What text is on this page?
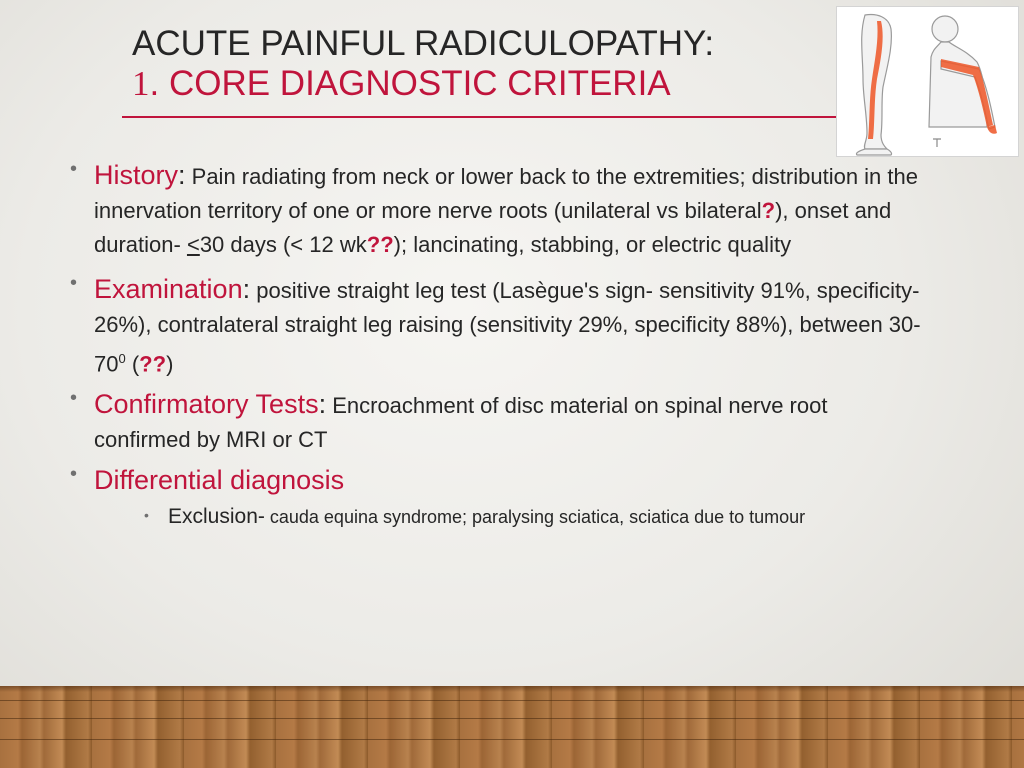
ACUTE PAINFUL RADICULOPATHY:
1. CORE DIAGNOSTIC CRITERIA
• History: Pain radiating from neck or lower back to the extremities; distribution in the innervation territory of one or more nerve roots (unilateral vs bilateral?), onset and duration- ≤30 days (< 12 wk??); lancinating, stabbing, or electric quality
• Examination: positive straight leg test (Lasègue's sign- sensitivity 91%, specificity-26%), contralateral straight leg raising (sensitivity 29%, specificity 88%), between $30-70^0$ (??)
• Confirmatory Tests: Encroachment of disc material on spinal nerve root confirmed by MRI or CT
• Differential diagnosis
• Exclusion- cauda equina syndrome; paralysing sciatica, sciatica due to tumour
